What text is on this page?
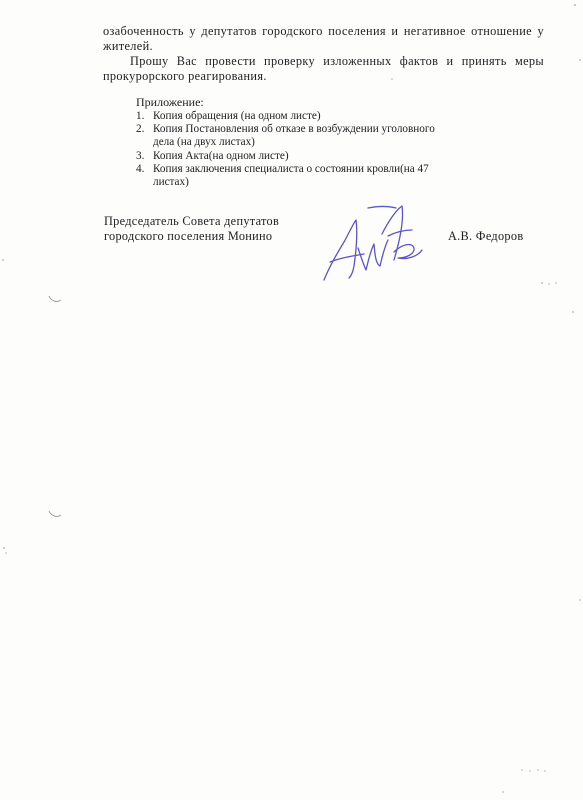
озабоченность у депутатов городского поселения и негативное отношение у жителей.

Прошу Вас провести проверку изложенных фактов и принять меры прокурорского реагирования.

Приложение:

1. Копия обращения (на одном листе)
2. Копия Постановления об отказе в возбуждении уголовного дела (на двух листах)
3. Копия Акта(на одном листе)
4. Копия заключения специалиста о состоянии кровли(на 47 листах)
Председатель Совета депутатов
городского поселения Монино	А.В. Федоров
